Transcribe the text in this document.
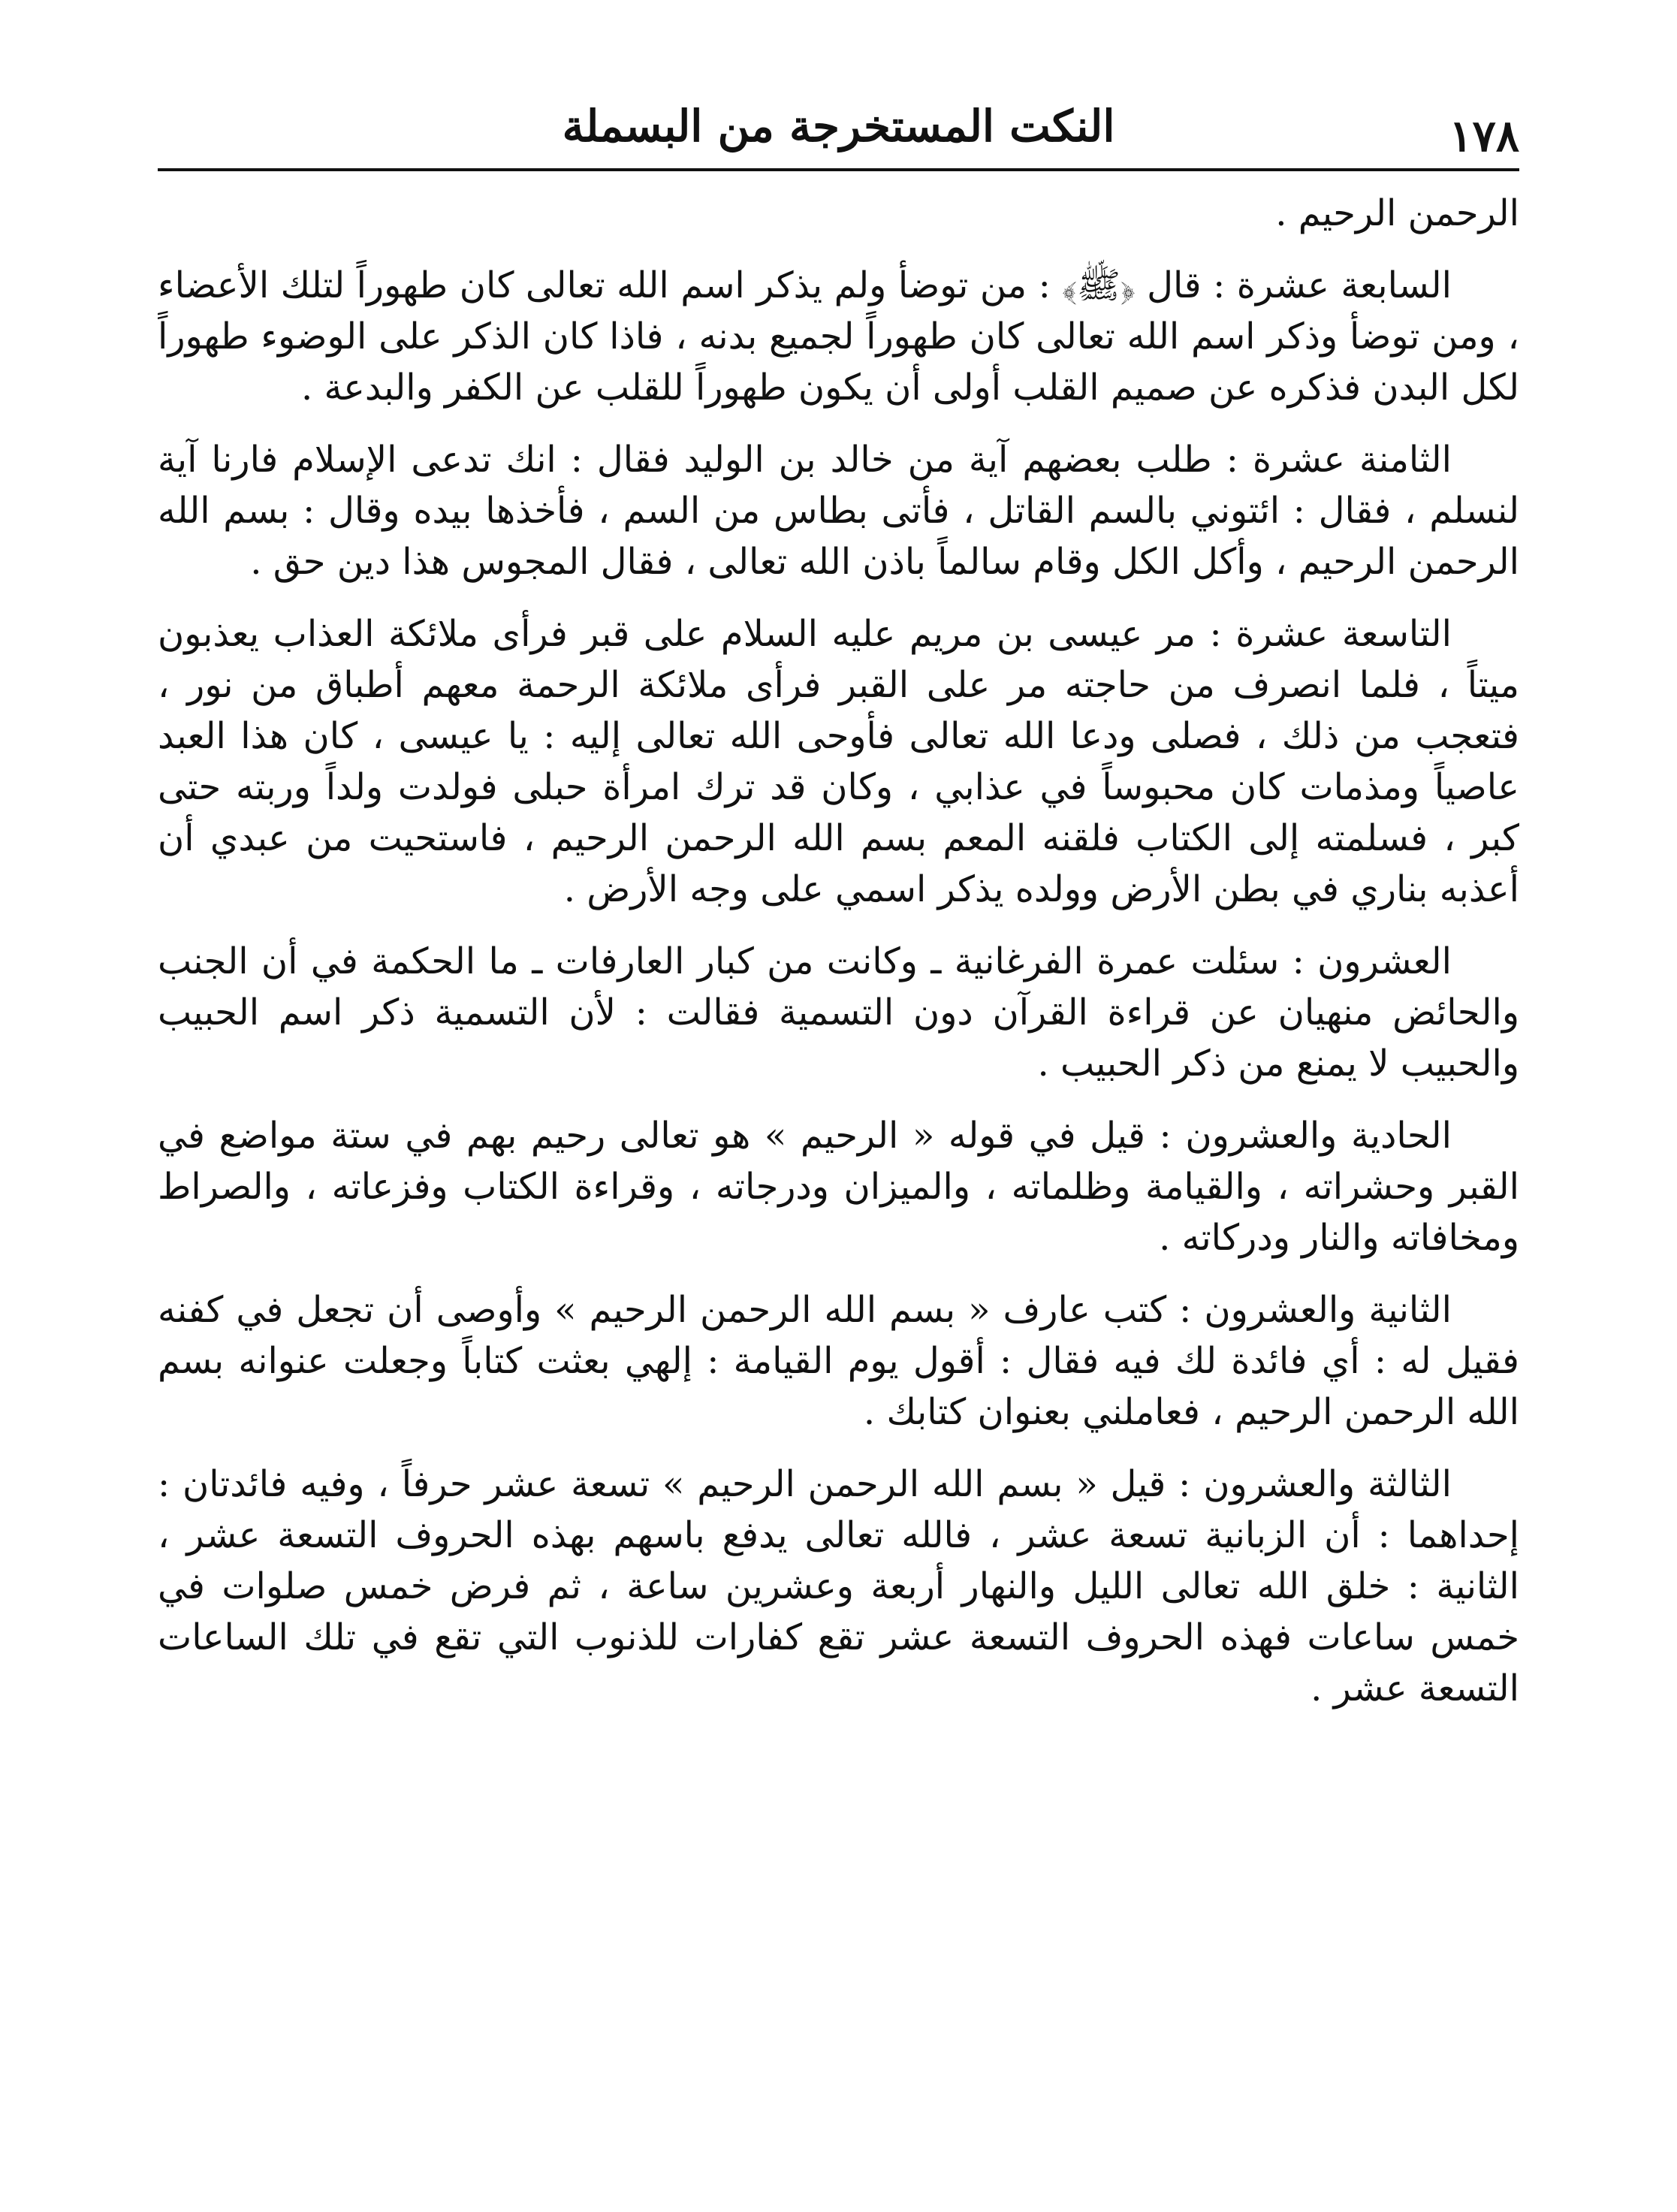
١٧٨
النكت المستخرجة من البسملة

الرحمن الرحيم .

السابعة عشرة : قال ﴿ﷺ﴾ : من توضأ ولم يذكر اسم الله تعالى كان طهوراً لتلك الأعضاء ، ومن توضأ وذكر اسم الله تعالى كان طهوراً لجميع بدنه ، فاذا كان الذكر على الوضوء طهوراً لكل البدن فذكره عن صميم القلب أولى أن يكون طهوراً للقلب عن الكفر والبدعة .

الثامنة عشرة : طلب بعضهم آية من خالد بن الوليد فقال : انك تدعى الإسلام فارنا آية لنسلم ، فقال : ائتوني بالسم القاتل ، فأتى بطاس من السم ، فأخذها بيده وقال : بسم الله الرحمن الرحيم ، وأكل الكل وقام سالماً باذن الله تعالى ، فقال المجوس هذا دين حق .

التاسعة عشرة : مر عيسى بن مريم عليه السلام على قبر فرأى ملائكة العذاب يعذبون ميتاً ، فلما انصرف من حاجته مر على القبر فرأى ملائكة الرحمة معهم أطباق من نور ، فتعجب من ذلك ، فصلى ودعا الله تعالى فأوحى الله تعالى إليه : يا عيسى ، كان هذا العبد عاصياً ومذمات كان محبوساً في عذابي ، وكان قد ترك امرأة حبلى فولدت ولداً وربته حتى كبر ، فسلمته إلى الكتاب فلقنه المعم بسم الله الرحمن الرحيم ، فاستحيت من عبدي أن أعذبه بناري في بطن الأرض وولده يذكر اسمي على وجه الأرض .

العشرون : سئلت عمرة الفرغانية ـ وكانت من كبار العارفات ـ ما الحكمة في أن الجنب والحائض منهيان عن قراءة القرآن دون التسمية فقالت : لأن التسمية ذكر اسم الحبيب والحبيب لا يمنع من ذكر الحبيب .

الحادية والعشرون : قيل في قوله « الرحيم » هو تعالى رحيم بهم في ستة مواضع في القبر وحشراته ، والقيامة وظلماته ، والميزان ودرجاته ، وقراءة الكتاب وفزعاته ، والصراط ومخافاته والنار ودركاته .

الثانية والعشرون : كتب عارف « بسم الله الرحمن الرحيم » وأوصى أن تجعل في كفنه فقيل له : أي فائدة لك فيه فقال : أقول يوم القيامة : إلهي بعثت كتاباً وجعلت عنوانه بسم الله الرحمن الرحيم ، فعاملني بعنوان كتابك .

الثالثة والعشرون : قيل « بسم الله الرحمن الرحيم » تسعة عشر حرفاً ، وفيه فائدتان : إحداهما : أن الزبانية تسعة عشر ، فالله تعالى يدفع باسهم بهذه الحروف التسعة عشر ، الثانية : خلق الله تعالى الليل والنهار أربعة وعشرين ساعة ، ثم فرض خمس صلوات في خمس ساعات فهذه الحروف التسعة عشر تقع كفارات للذنوب التي تقع في تلك الساعات التسعة عشر .
